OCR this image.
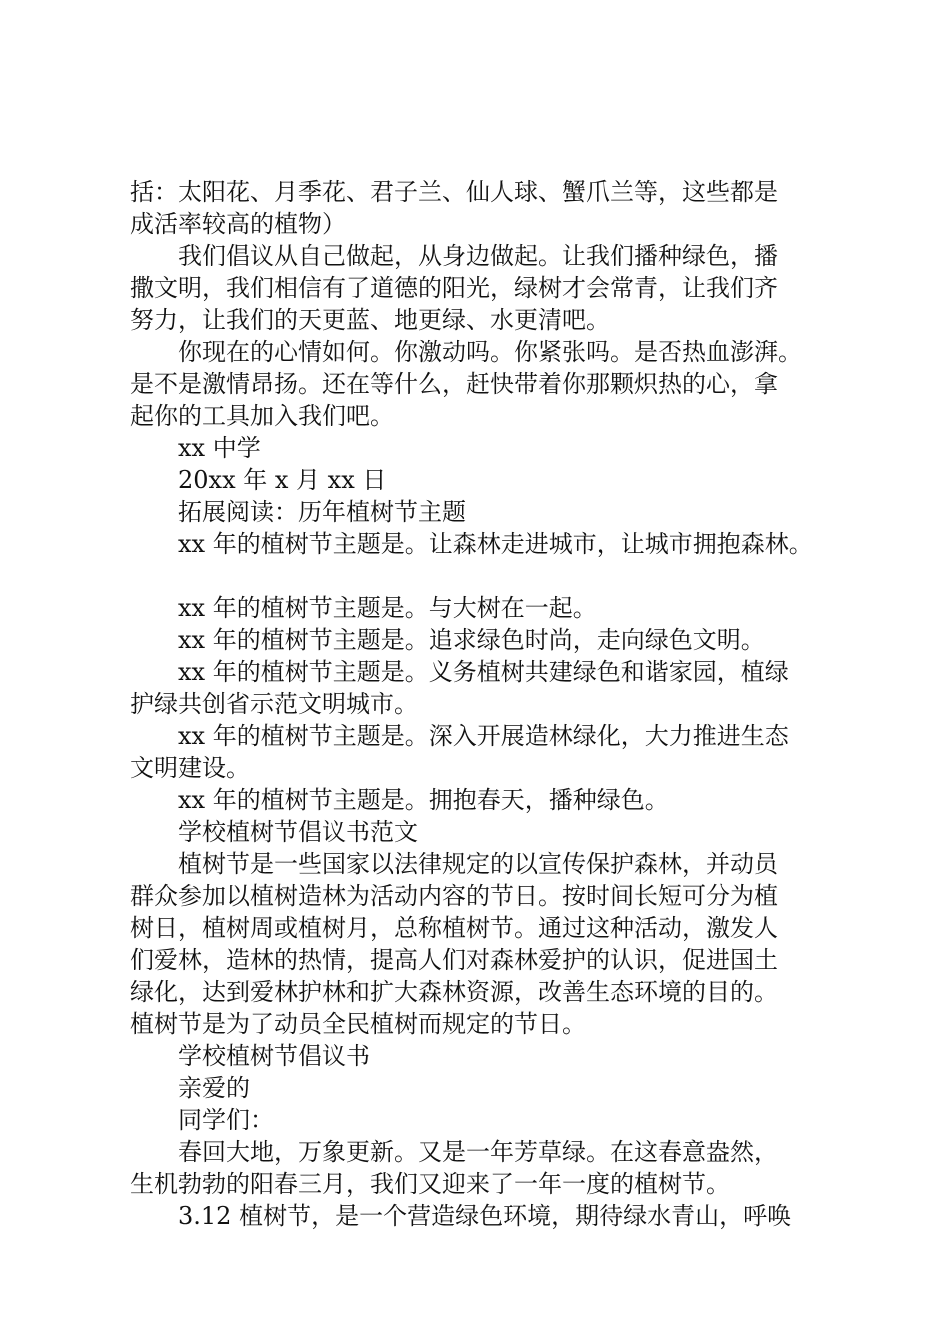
括：太阳花、月季花、君子兰、仙人球、蟹爪兰等，这些都是
成活率较高的植物）
我们倡议从自己做起，从身边做起。让我们播种绿色，播
撒文明，我们相信有了道德的阳光，绿树才会常青，让我们齐
努力，让我们的天更蓝、地更绿、水更清吧。
你现在的心情如何。你激动吗。你紧张吗。是否热血澎湃。
是不是激情昂扬。还在等什么，赶快带着你那颗炽热的心，拿
起你的工具加入我们吧。
xx 中学
20xx 年 x 月 xx 日
拓展阅读：历年植树节主题
xx 年的植树节主题是。让森林走进城市，让城市拥抱森林。
xx 年的植树节主题是。与大树在一起。
xx 年的植树节主题是。追求绿色时尚，走向绿色文明。
xx 年的植树节主题是。义务植树共建绿色和谐家园，植绿
护绿共创省示范文明城市。
xx 年的植树节主题是。深入开展造林绿化，大力推进生态
文明建设。
xx 年的植树节主题是。拥抱春天，播种绿色。
学校植树节倡议书范文
植树节是一些国家以法律规定的以宣传保护森林，并动员
群众参加以植树造林为活动内容的节日。按时间长短可分为植
树日，植树周或植树月，总称植树节。通过这种活动，激发人
们爱林，造林的热情，提高人们对森林爱护的认识，促进国土
绿化，达到爱林护林和扩大森林资源，改善生态环境的目的。
植树节是为了动员全民植树而规定的节日。
学校植树节倡议书
亲爱的
同学们：
春回大地，万象更新。又是一年芳草绿。在这春意盎然，
生机勃勃的阳春三月，我们又迎来了一年一度的植树节。
3.12 植树节，是一个营造绿色环境，期待绿水青山，呼唤
